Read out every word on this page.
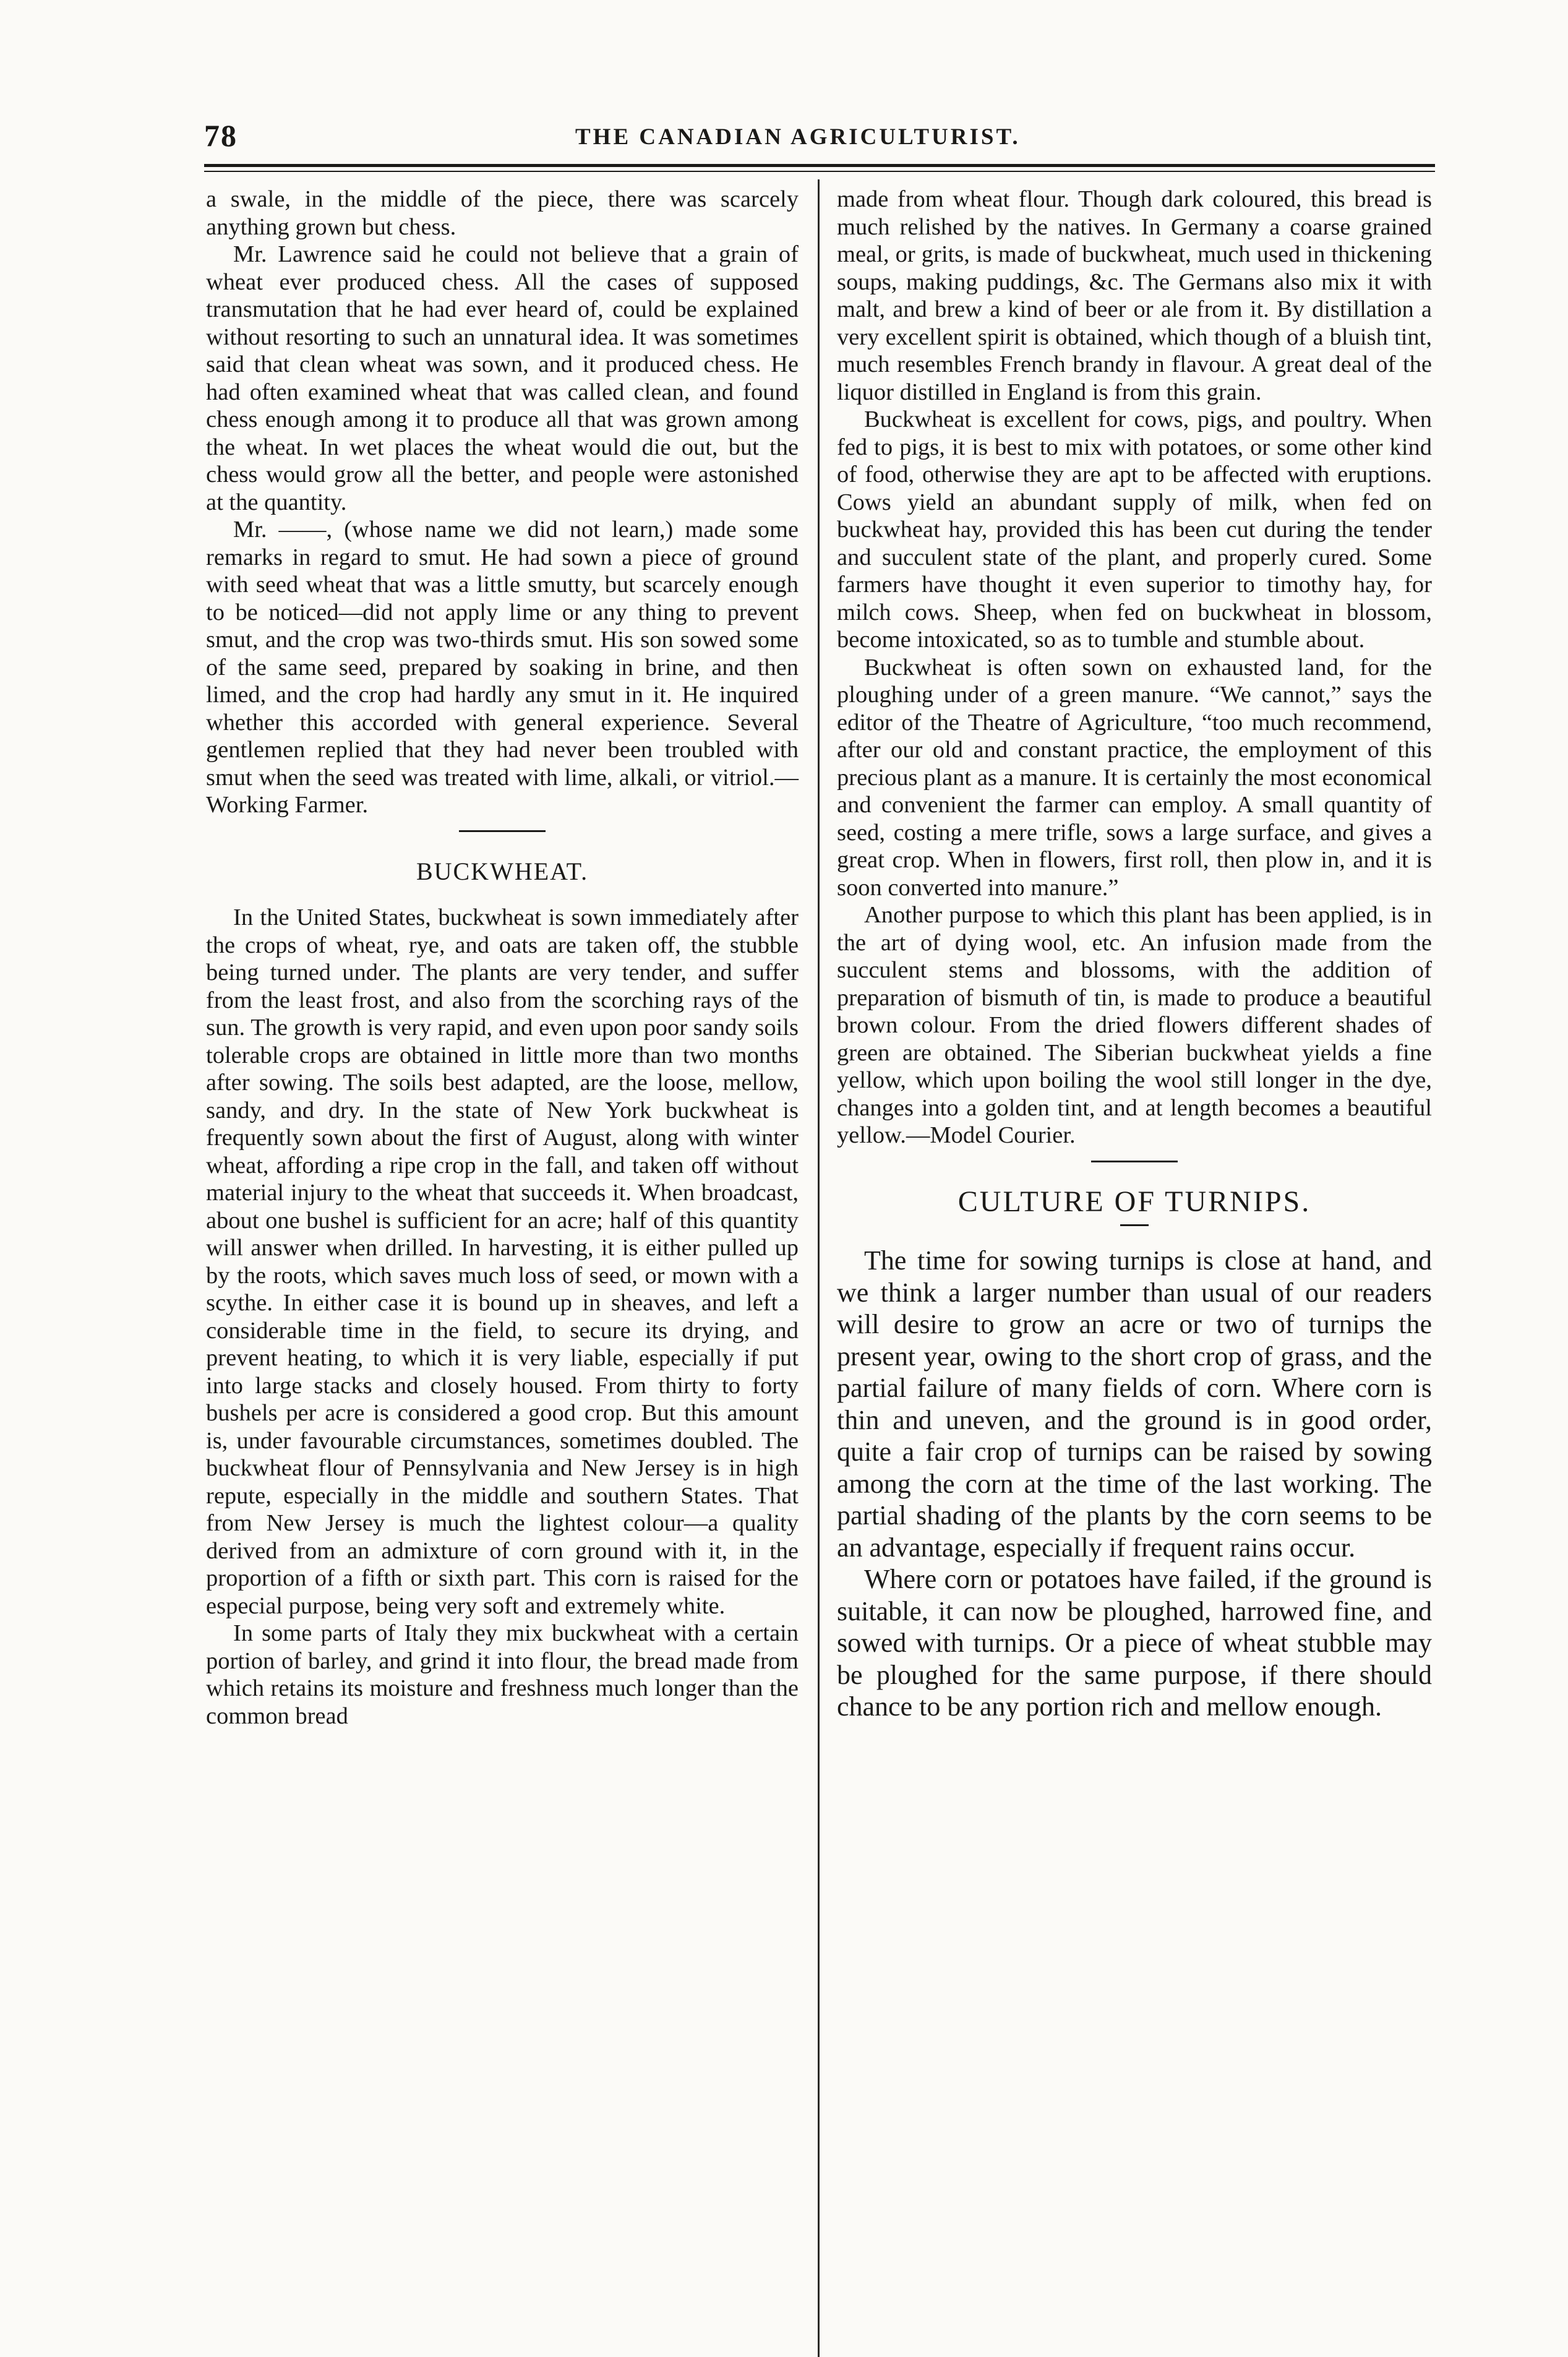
78	THE CANADIAN AGRICULTURIST.

a swale, in the middle of the piece, there was scarcely anything grown but chess.

Mr. Lawrence said he could not believe that a grain of wheat ever produced chess. All the cases of supposed transmutation that he had ever heard of, could be explained without resorting to such an unnatural idea. It was sometimes said that clean wheat was sown, and it produced chess. He had often examined wheat that was called clean, and found chess enough among it to produce all that was grown among the wheat. In wet places the wheat would die out, but the chess would grow all the better, and people were astonished at the quantity.

Mr. ——, (whose name we did not learn,) made some remarks in regard to smut. He had sown a piece of ground with seed wheat that was a little smutty, but scarcely enough to be noticed—did not apply lime or any thing to prevent smut, and the crop was two-thirds smut. His son sowed some of the same seed, prepared by soaking in brine, and then limed, and the crop had hardly any smut in it. He inquired whether this accorded with general experience. Several gentlemen replied that they had never been troubled with smut when the seed was treated with lime, alkali, or vitriol.—Working Farmer.

BUCKWHEAT.

In the United States, buckwheat is sown immediately after the crops of wheat, rye, and oats are taken off, the stubble being turned under. The plants are very tender, and suffer from the least frost, and also from the scorching rays of the sun. The growth is very rapid, and even upon poor sandy soils tolerable crops are obtained in little more than two months after sowing. The soils best adapted, are the loose, mellow, sandy, and dry. In the state of New York buckwheat is frequently sown about the first of August, along with winter wheat, affording a ripe crop in the fall, and taken off without material injury to the wheat that succeeds it. When broadcast, about one bushel is sufficient for an acre; half of this quantity will answer when drilled. In harvesting, it is either pulled up by the roots, which saves much loss of seed, or mown with a scythe. In either case it is bound up in sheaves, and left a considerable time in the field, to secure its drying, and prevent heating, to which it is very liable, especially if put into large stacks and closely housed. From thirty to forty bushels per acre is considered a good crop. But this amount is, under favourable circumstances, sometimes doubled. The buckwheat flour of Pennsylvania and New Jersey is in high repute, especially in the middle and southern States. That from New Jersey is much the lightest colour—a quality derived from an admixture of corn ground with it, in the proportion of a fifth or sixth part. This corn is raised for the especial purpose, being very soft and extremely white.

In some parts of Italy they mix buckwheat with a certain portion of barley, and grind it into flour, the bread made from which retains its moisture and freshness much longer than the common bread

made from wheat flour. Though dark coloured, this bread is much relished by the natives. In Germany a coarse grained meal, or grits, is made of buckwheat, much used in thickening soups, making puddings, &c. The Germans also mix it with malt, and brew a kind of beer or ale from it. By distillation a very excellent spirit is obtained, which though of a bluish tint, much resembles French brandy in flavour. A great deal of the liquor distilled in England is from this grain.

Buckwheat is excellent for cows, pigs, and poultry. When fed to pigs, it is best to mix with potatoes, or some other kind of food, otherwise they are apt to be affected with eruptions. Cows yield an abundant supply of milk, when fed on buckwheat hay, provided this has been cut during the tender and succulent state of the plant, and properly cured. Some farmers have thought it even superior to timothy hay, for milch cows. Sheep, when fed on buckwheat in blossom, become intoxicated, so as to tumble and stumble about.

Buckwheat is often sown on exhausted land, for the ploughing under of a green manure. “We cannot,” says the editor of the Theatre of Agriculture, “too much recommend, after our old and constant practice, the employment of this precious plant as a manure. It is certainly the most economical and convenient the farmer can employ. A small quantity of seed, costing a mere trifle, sows a large surface, and gives a great crop. When in flowers, first roll, then plow in, and it is soon converted into manure.”

Another purpose to which this plant has been applied, is in the art of dying wool, etc. An infusion made from the succulent stems and blossoms, with the addition of preparation of bismuth of tin, is made to produce a beautiful brown colour. From the dried flowers different shades of green are obtained. The Siberian buckwheat yields a fine yellow, which upon boiling the wool still longer in the dye, changes into a golden tint, and at length becomes a beautiful yellow.—Model Courier.

CULTURE OF TURNIPS.

The time for sowing turnips is close at hand, and we think a larger number than usual of our readers will desire to grow an acre or two of turnips the present year, owing to the short crop of grass, and the partial failure of many fields of corn. Where corn is thin and uneven, and the ground is in good order, quite a fair crop of turnips can be raised by sowing among the corn at the time of the last working. The partial shading of the plants by the corn seems to be an advantage, especially if frequent rains occur.

Where corn or potatoes have failed, if the ground is suitable, it can now be ploughed, harrowed fine, and sowed with turnips. Or a piece of wheat stubble may be ploughed for the same purpose, if there should chance to be any portion rich and mellow enough.
